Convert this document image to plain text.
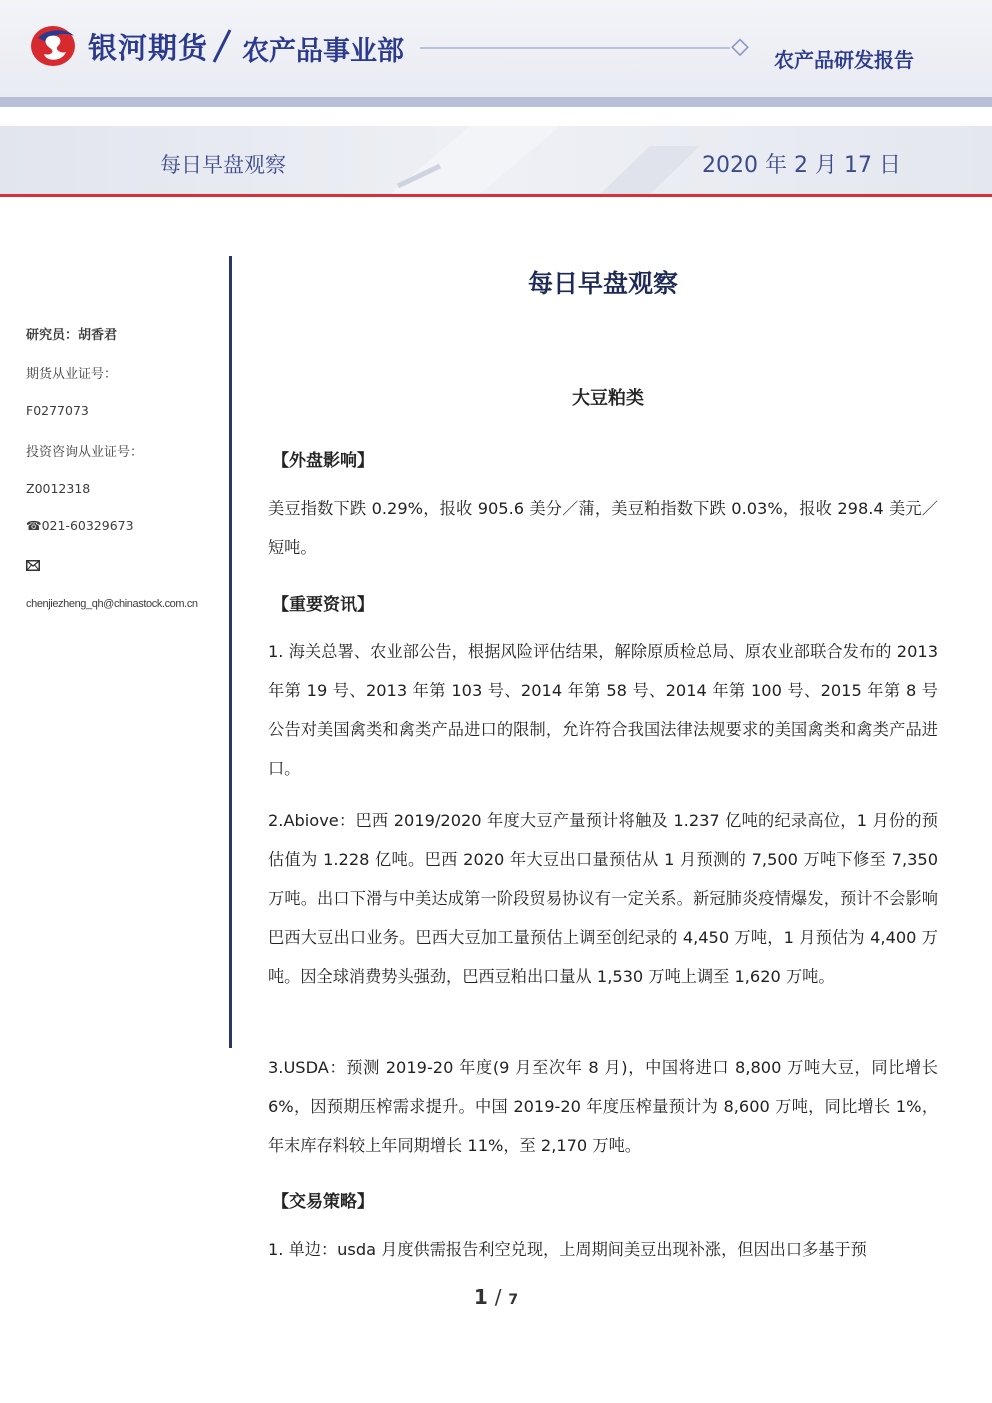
银河期货 农产品事业部	农产品研发报告
每日早盘观察	2020 年 2 月 17 日
研究员：胡香君
期货从业证号：
F0277073
投资咨询从业证号：
Z0012318
☎021-60329673
chenjiezheng_qh@chinastock.com.cn
每日早盘观察
大豆粕类
【外盘影响】
美豆指数下跌 0.29%，报收 905.6 美分／蒲，美豆粕指数下跌 0.03%，报收 298.4 美元／短吨。
【重要资讯】
1. 海关总署、农业部公告，根据风险评估结果，解除原质检总局、原农业部联合发布的 2013 年第 19 号、2013 年第 103 号、2014 年第 58 号、2014 年第 100 号、2015 年第 8 号公告对美国禽类和禽类产品进口的限制，允许符合我国法律法规要求的美国禽类和禽类产品进口。
2.Abiove：巴西 2019/2020 年度大豆产量预计将触及 1.237 亿吨的纪录高位，1 月份的预估值为 1.228 亿吨。巴西 2020 年大豆出口量预估从 1 月预测的 7,500 万吨下修至 7,350 万吨。出口下滑与中美达成第一阶段贸易协议有一定关系。新冠肺炎疫情爆发，预计不会影响巴西大豆出口业务。巴西大豆加工量预估上调至创纪录的 4,450 万吨，1 月预估为 4,400 万吨。因全球消费势头强劲，巴西豆粕出口量从 1,530 万吨上调至 1,620 万吨。
3.USDA：预测 2019-20 年度(9 月至次年 8 月)，中国将进口 8,800 万吨大豆，同比增长 6%，因预期压榨需求提升。中国 2019-20 年度压榨量预计为 8,600 万吨，同比增长 1%，年末库存料较上年同期增长 11%，至 2,170 万吨。
【交易策略】
1. 单边：usda 月度供需报告利空兑现，上周期间美豆出现补涨，但因出口多基于预
1 / 7
